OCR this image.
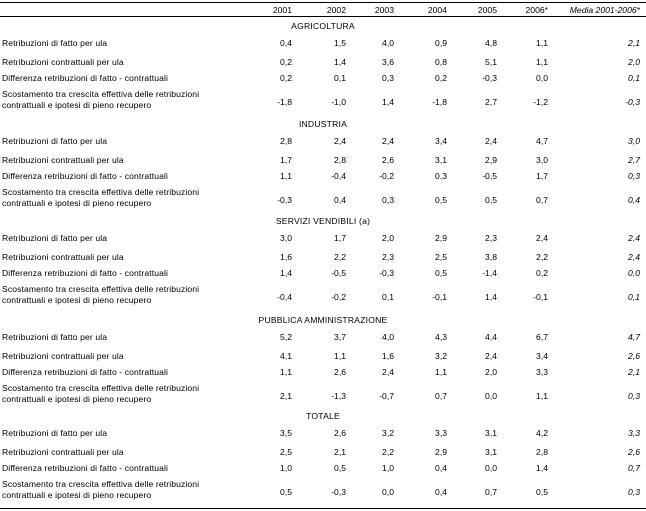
2001	2002	2003	2004	2005	2006*	Media 2001-2006*
AGRICOLTURA
Retribuzioni di fatto per ula	0,4	1,5	4,0	0,9	4,8	1,1	2,1
Retribuzioni contrattuali per ula	0,2	1,4	3,6	0,8	5,1	1,1	2,0
Differenza retribuzioni di fatto - contrattuali	0,2	0,1	0,3	0,2	-0,3	0,0	0,1
Scostamento tra crescita effettiva delle retribuzioni
contrattuali e ipotesi di pieno recupero	-1,8	-1,0	1,4	-1,8	2,7	-1,2	-0,3
INDUSTRIA
Retribuzioni di fatto per ula	2,8	2,4	2,4	3,4	2,4	4,7	3,0
Retribuzioni contrattuali per ula	1,7	2,8	2,6	3,1	2,9	3,0	2,7
Differenza retribuzioni di fatto - contrattuali	1,1	-0,4	-0,2	0,3	-0,5	1,7	0,3
Scostamento tra crescita effettiva delle retribuzioni
contrattuali e ipotesi di pieno recupero	-0,3	0,4	0,3	0,5	0,5	0,7	0,4
SERVIZI VENDIBILI (a)
Retribuzioni di fatto per ula	3,0	1,7	2,0	2,9	2,3	2,4	2,4
Retribuzioni contrattuali per ula	1,6	2,2	2,3	2,5	3,8	2,2	2,4
Differenza retribuzioni di fatto - contrattuali	1,4	-0,5	-0,3	0,5	-1,4	0,2	0,0
Scostamento tra crescita effettiva delle retribuzioni
contrattuali e ipotesi di pieno recupero	-0,4	-0,2	0,1	-0,1	1,4	-0,1	0,1
PUBBLICA AMMINISTRAZIONE
Retribuzioni di fatto per ula	5,2	3,7	4,0	4,3	4,4	6,7	4,7
Retribuzioni contrattuali per ula	4,1	1,1	1,6	3,2	2,4	3,4	2,6
Differenza retribuzioni di fatto - contrattuali	1,1	2,6	2,4	1,1	2,0	3,3	2,1
Scostamento tra crescita effettiva delle retribuzioni
contrattuali e ipotesi di pieno recupero	2,1	-1,3	-0,7	0,7	0,0	1,1	0,3
TOTALE
Retribuzioni di fatto per ula	3,5	2,6	3,2	3,3	3,1	4,2	3,3
Retribuzioni contrattuali per ula	2,5	2,1	2,2	2,9	3,1	2,8	2,6
Differenza retribuzioni di fatto - contrattuali	1,0	0,5	1,0	0,4	0,0	1,4	0,7
Scostamento tra crescita effettiva delle retribuzioni
contrattuali e ipotesi di pieno recupero	0,5	-0,3	0,0	0,4	0,7	0,5	0,3
